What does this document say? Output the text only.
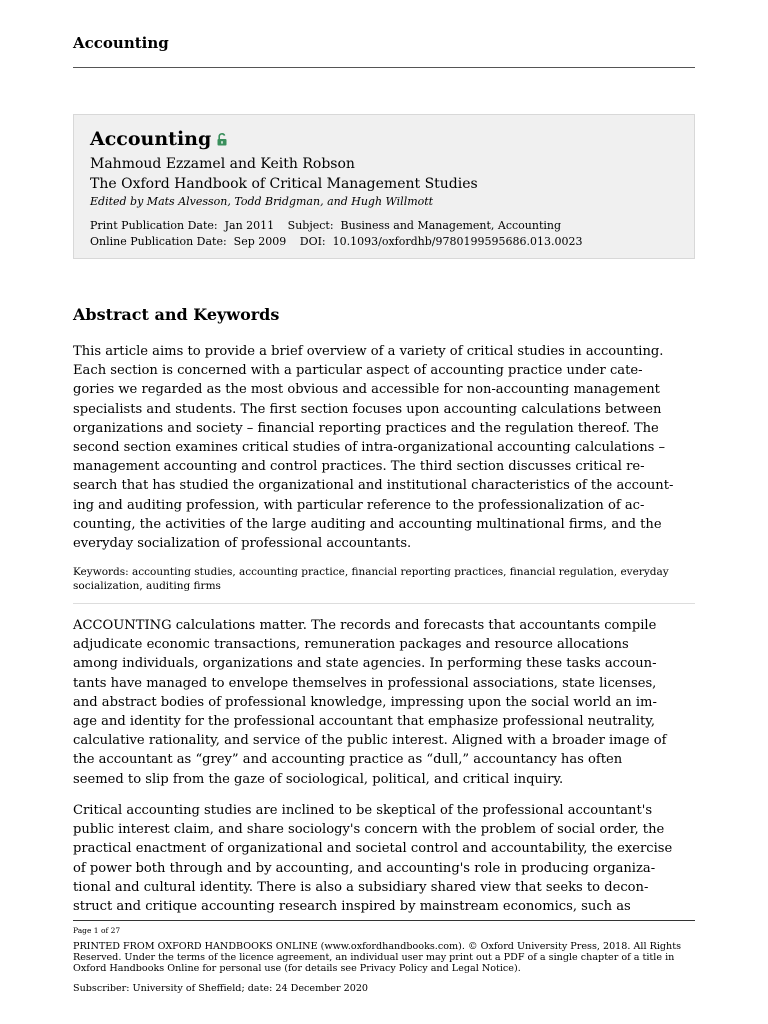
Accounting
Accounting
Mahmoud Ezzamel and Keith Robson
The Oxford Handbook of Critical Management Studies
Edited by Mats Alvesson, Todd Bridgman, and Hugh Willmott
Print Publication Date: Jan 2011 Subject: Business and Management, Accounting
Online Publication Date: Sep 2009 DOI: 10.1093/oxfordhb/9780199595686.013.0023
Abstract and Keywords

This article aims to provide a brief overview of a variety of critical studies in accounting.
Each section is concerned with a particular aspect of accounting practice under cate-
gories we regarded as the most obvious and accessible for non-accounting management
specialists and students. The first section focuses upon accounting calculations between
organizations and society – financial reporting practices and the regulation thereof. The
second section examines critical studies of intra-organizational accounting calculations –
management accounting and control practices. The third section discusses critical re-
search that has studied the organizational and institutional characteristics of the account-
ing and auditing profession, with particular reference to the professionalization of ac-
counting, the activities of the large auditing and accounting multinational firms, and the
everyday socialization of professional accountants.

Keywords: accounting studies, accounting practice, financial reporting practices, financial regulation, everyday
socialization, auditing firms

ACCOUNTING calculations matter. The records and forecasts that accountants compile
adjudicate economic transactions, remuneration packages and resource allocations
among individuals, organizations and state agencies. In performing these tasks accoun-
tants have managed to envelope themselves in professional associations, state licenses,
and abstract bodies of professional knowledge, impressing upon the social world an im-
age and identity for the professional accountant that emphasize professional neutrality,
calculative rationality, and service of the public interest. Aligned with a broader image of
the accountant as “grey” and accounting practice as “dull,” accountancy has often
seemed to slip from the gaze of sociological, political, and critical inquiry.

Critical accounting studies are inclined to be skeptical of the professional accountant's
public interest claim, and share sociology's concern with the problem of social order, the
practical enactment of organizational and societal control and accountability, the exercise
of power both through and by accounting, and accounting's role in producing organiza-
tional and cultural identity. There is also a subsidiary shared view that seeks to decon-
struct and critique accounting research inspired by mainstream economics, such as

Page 1 of 27
PRINTED FROM OXFORD HANDBOOKS ONLINE (www.oxfordhandbooks.com). © Oxford University Press, 2018. All Rights
Reserved. Under the terms of the licence agreement, an individual user may print out a PDF of a single chapter of a title in
Oxford Handbooks Online for personal use (for details see Privacy Policy and Legal Notice).
Subscriber: University of Sheffield; date: 24 December 2020
